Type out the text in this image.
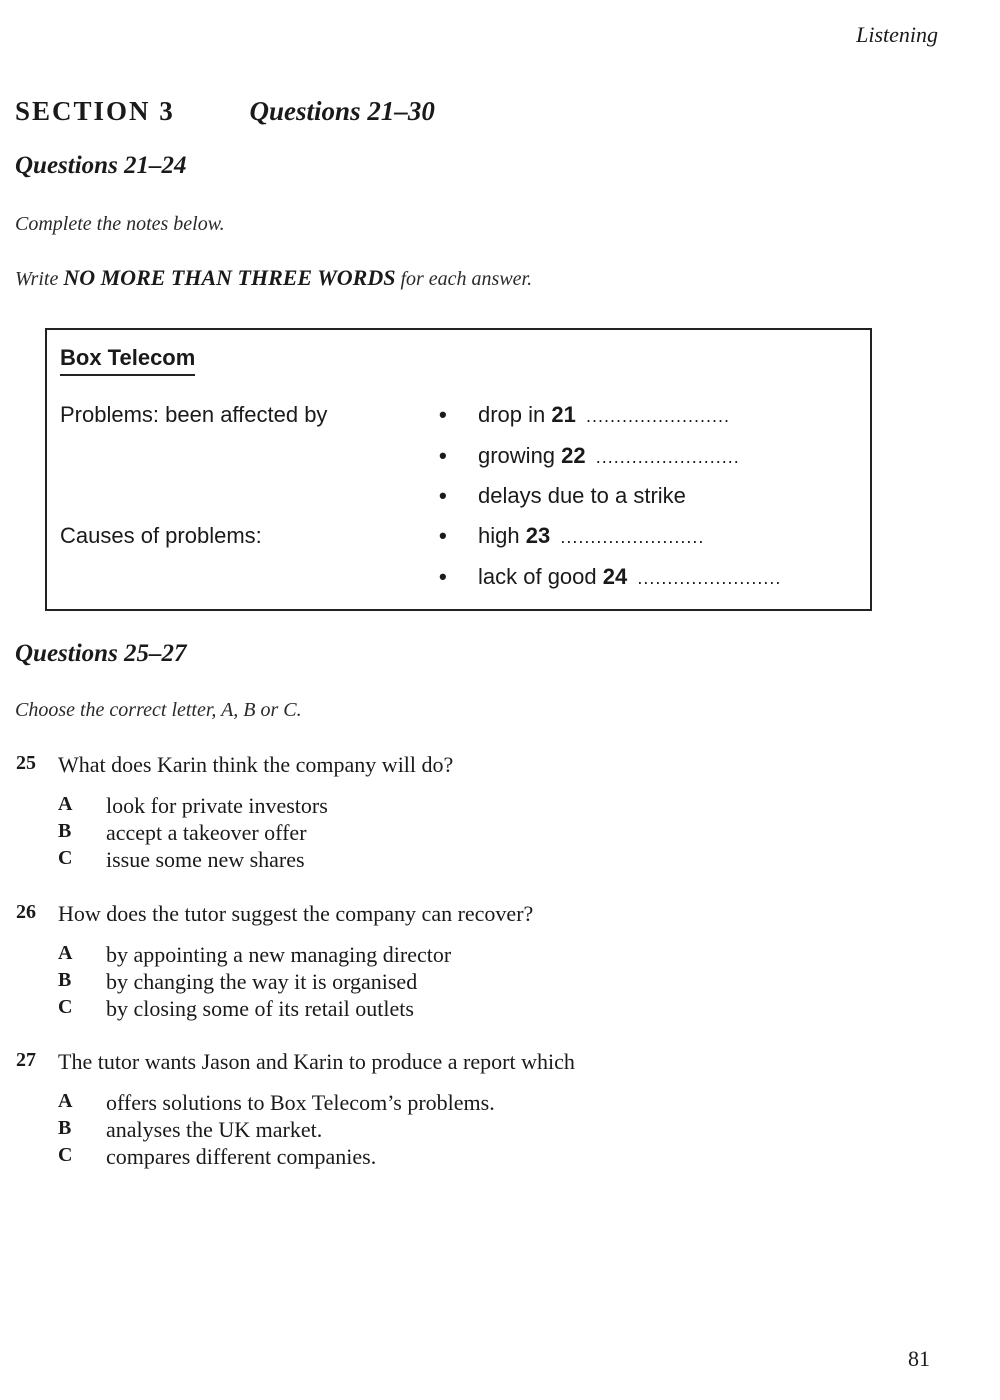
Listening
SECTION 3	Questions 21–30
Questions 21–24
Complete the notes below.
Write NO MORE THAN THREE WORDS for each answer.
Box Telecom
Problems: been affected by
Causes of problems:
• drop in 21 ........................
• growing 22 ........................
• delays due to a strike
• high 23 ........................
• lack of good 24 ........................
Questions 25–27
Choose the correct letter, A, B or C.
25 What does Karin think the company will do?
A look for private investors
B accept a takeover offer
C issue some new shares
26 How does the tutor suggest the company can recover?
A by appointing a new managing director
B by changing the way it is organised
C by closing some of its retail outlets
27 The tutor wants Jason and Karin to produce a report which
A offers solutions to Box Telecom’s problems.
B analyses the UK market.
C compares different companies.
81
